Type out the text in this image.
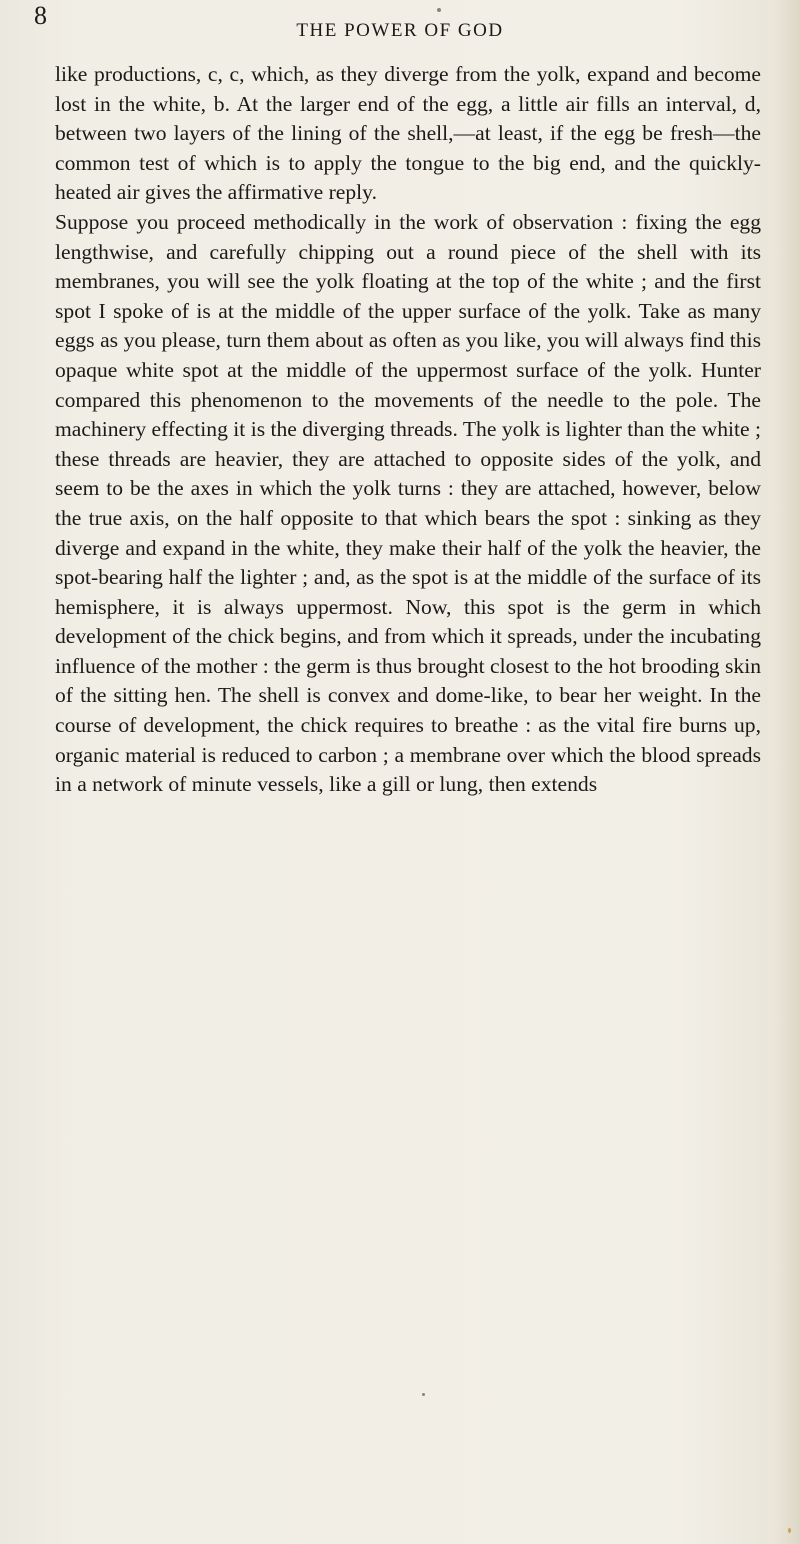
8
THE POWER OF GOD

like productions, c, c, which, as they diverge from the yolk, expand and become lost in the white, b. At the larger end of the egg, a little air fills an interval, d, between two layers of the lining of the shell,—at least, if the egg be fresh—the common test of which is to apply the tongue to the big end, and the quickly-heated air gives the affirmative reply.

Suppose you proceed methodically in the work of observation : fixing the egg lengthwise, and carefully chipping out a round piece of the shell with its membranes, you will see the yolk floating at the top of the white ; and the first spot I spoke of is at the middle of the upper surface of the yolk. Take as many eggs as you please, turn them about as often as you like, you will always find this opaque white spot at the middle of the uppermost surface of the yolk. Hunter compared this phenomenon to the movements of the needle to the pole. The machinery effecting it is the diverging threads. The yolk is lighter than the white ; these threads are heavier, they are attached to opposite sides of the yolk, and seem to be the axes in which the yolk turns : they are attached, however, below the true axis, on the half opposite to that which bears the spot : sinking as they diverge and expand in the white, they make their half of the yolk the heavier, the spot-bearing half the lighter ; and, as the spot is at the middle of the surface of its hemisphere, it is always uppermost. Now, this spot is the germ in which development of the chick begins, and from which it spreads, under the incubating influence of the mother : the germ is thus brought closest to the hot brooding skin of the sitting hen. The shell is convex and dome-like, to bear her weight. In the course of development, the chick requires to breathe : as the vital fire burns up, organic material is reduced to carbon ; a membrane over which the blood spreads in a network of minute vessels, like a gill or lung, then extends
